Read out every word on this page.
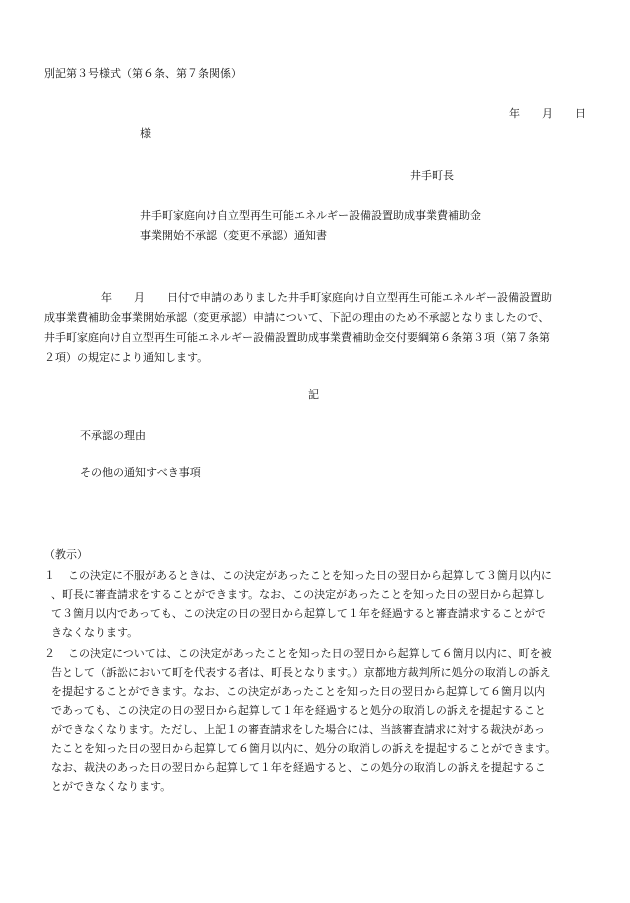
別記第３号様式（第６条、第７条関係）
年　　月　　日
様
井手町長
井手町家庭向け自立型再生可能エネルギー設備設置助成事業費補助金
事業開始不承認（変更不承認）通知書
年　　月　　日付で申請のありました井手町家庭向け自立型再生可能エネルギー設備設置助
成事業費補助金事業開始承認（変更承認）申請について、下記の理由のため不承認となりましたので、
井手町家庭向け自立型再生可能エネルギー設備設置助成事業費補助金交付要綱第６条第３項（第７条第
２項）の規定により通知します。
記
不承認の理由
その他の通知すべき事項
（教示）
１ この決定に不服があるときは、この決定があったことを知った日の翌日から起算して３箇月以内に
、町長に審査請求をすることができます。なお、この決定があったことを知った日の翌日から起算し
て３箇月以内であっても、この決定の日の翌日から起算して１年を経過すると審査請求することがで
きなくなります。
２ この決定については、この決定があったことを知った日の翌日から起算して６箇月以内に、町を被
告として（訴訟において町を代表する者は、町長となります。）京都地方裁判所に処分の取消しの訴え
を提起することができます。なお、この決定があったことを知った日の翌日から起算して６箇月以内
であっても、この決定の日の翌日から起算して１年を経過すると処分の取消しの訴えを提起すること
ができなくなります。ただし、上記１の審査請求をした場合には、当該審査請求に対する裁決があっ
たことを知った日の翌日から起算して６箇月以内に、処分の取消しの訴えを提起することができます。
なお、裁決のあった日の翌日から起算して１年を経過すると、この処分の取消しの訴えを提起するこ
とができなくなります。
